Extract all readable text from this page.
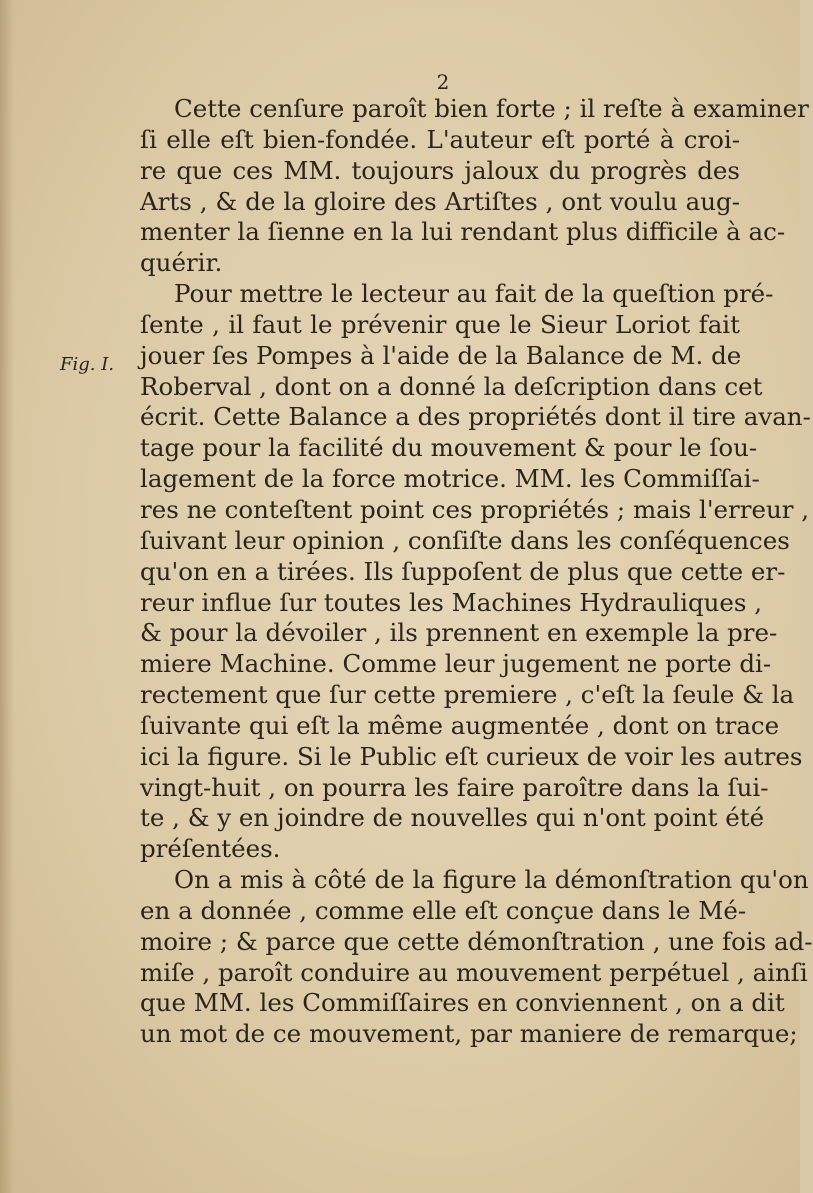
2

Fig. I.

Cette cenſure paroît bien forte ; il reſte à examiner
ſi elle eſt bien-fondée. L'auteur eſt porté à croi-
re que ces MM. toujours jaloux du progrès des
Arts , & de la gloire des Artiſtes , ont voulu aug-
menter la ſienne en la lui rendant plus difficile à ac-
quérir.

Pour mettre le lecteur au fait de la queſtion pré-
ſente , il faut le prévenir que le Sieur Loriot fait
jouer ſes Pompes à l'aide de la Balance de M. de
Roberval , dont on a donné la deſcription dans cet
écrit. Cette Balance a des propriétés dont il tire avan-
tage pour la facilité du mouvement & pour le ſou-
lagement de la force motrice. MM. les Commiſſai-
res ne conteſtent point ces propriétés ; mais l'erreur ,
ſuivant leur opinion , conſiſte dans les conſéquences
qu'on en a tirées. Ils ſuppoſent de plus que cette er-
reur influe ſur toutes les Machines Hydrauliques ,
& pour la dévoiler , ils prennent en exemple la pre-
miere Machine. Comme leur jugement ne porte di-
rectement que ſur cette premiere , c'eſt la ſeule & la
ſuivante qui eſt la même augmentée , dont on trace
ici la figure. Si le Public eſt curieux de voir les autres
vingt-huit , on pourra les faire paroître dans la ſui-
te , & y en joindre de nouvelles qui n'ont point été
préſentées.

On a mis à côté de la figure la démonſtration qu'on
en a donnée , comme elle eſt conçue dans le Mé-
moire ; & parce que cette démonſtration , une fois ad-
miſe , paroît conduire au mouvement perpétuel , ainſi
que MM. les Commiſſaires en conviennent , on a dit
un mot de ce mouvement, par maniere de remarque;
